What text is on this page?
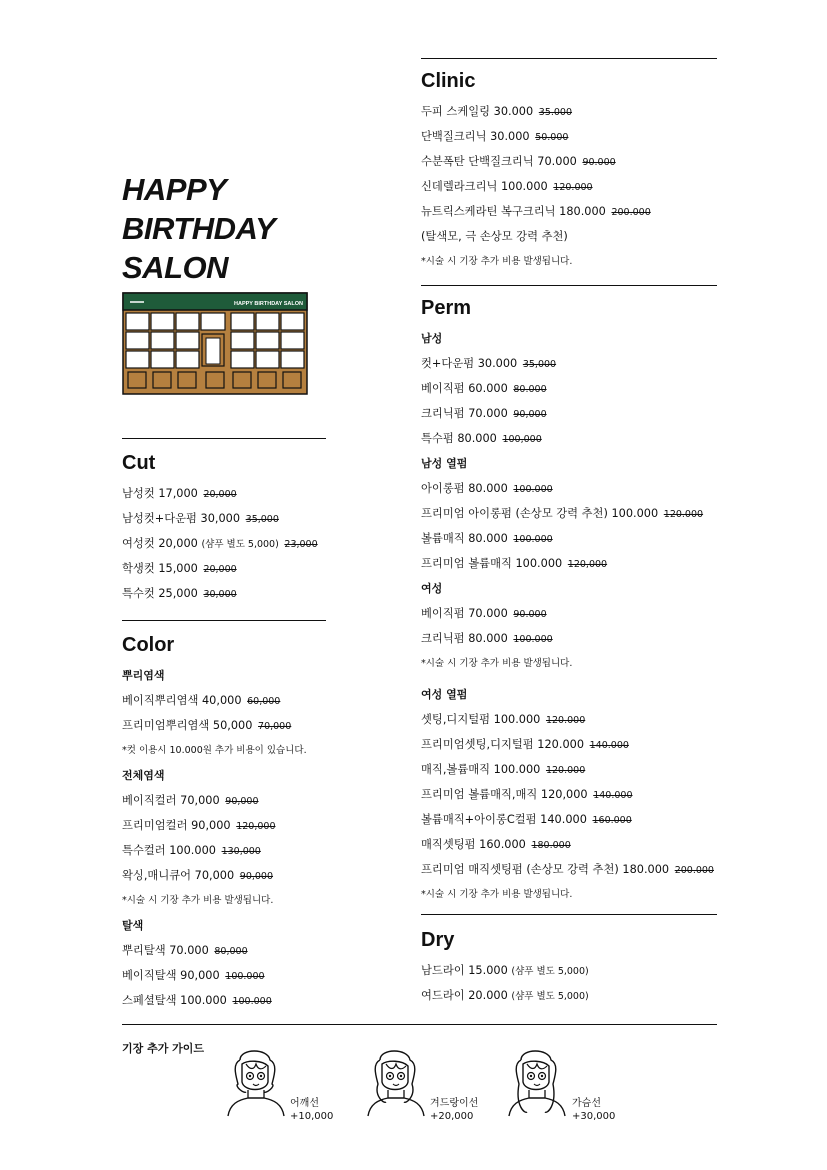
HAPPY
BIRTHDAY
SALON
HAPPY BIRTHDAY SALON
Cut
남성컷 17,000 20,000
남성컷+다운펌 30,000 35,000
여성컷 20,000 (샴푸 별도 5,000) 23,000
학생컷 15,000 20,000
특수컷 25,000 30,000
Color
뿌리염색
베이직뿌리염색 40,000 60,000
프리미엄뿌리염색 50,000 70,000
*컷 이용시 10.000원 추가 비용이 있습니다.
전체염색
베이직컬러 70,000 90,000
프리미엄컬러 90,000 120,000
특수컬러 100.000 130,000
왁싱,매니큐어 70,000 90,000
*시술 시 기장 추가 비용 발생됩니다.
탈색
뿌리탈색 70.000 80,000
베이직탈색 90,000 100.000
스페셜탈색 100.000 100.000
Clinic
두피 스케일링 30.000 35.000
단백질크리닉 30.000 50.000
수분폭탄 단백질크리닉 70.000 90.000
신데렐라크리닉 100.000 120.000
뉴트릭스케라틴 복구크리닉 180.000 200.000
(탈색모, 극 손상모 강력 추천)
*시술 시 기장 추가 비용 발생됩니다.
Perm
남성
컷+다운펌 30.000 35,000
베이직펌 60.000 80.000
크리닉펌 70.000 90,000
특수펌 80.000 100,000
남성 열펌
아이롱펌 80.000 100.000
프리미엄 아이롱펌 (손상모 강력 추천) 100.000 120.000
볼륨매직 80.000 100.000
프리미엄 볼륨매직 100.000 120,000
여성
베이직펌 70.000 90.000
크리닉펌 80.000 100.000
*시술 시 기장 추가 비용 발생됩니다.
여성 열펌
셋팅,디지털펌 100.000 120.000
프리미엄셋팅,디지털펌 120.000 140.000
매직,볼륨매직 100.000 120.000
프리미엄 볼륨매직,매직 120,000 140.000
볼륨매직+아이롱C컬펌 140.000 160.000
매직셋팅펌 160.000 180.000
프리미엄 매직셋팅펌 (손상모 강력 추천) 180.000 200.000
*시술 시 기장 추가 비용 발생됩니다.
Dry
남드라이 15.000 (샴푸 별도 5,000)
여드라이 20.000 (샴푸 별도 5,000)
기장 추가 가이드
어깨선
+10,000
겨드랑이선
+20,000
가슴선
+30,000
